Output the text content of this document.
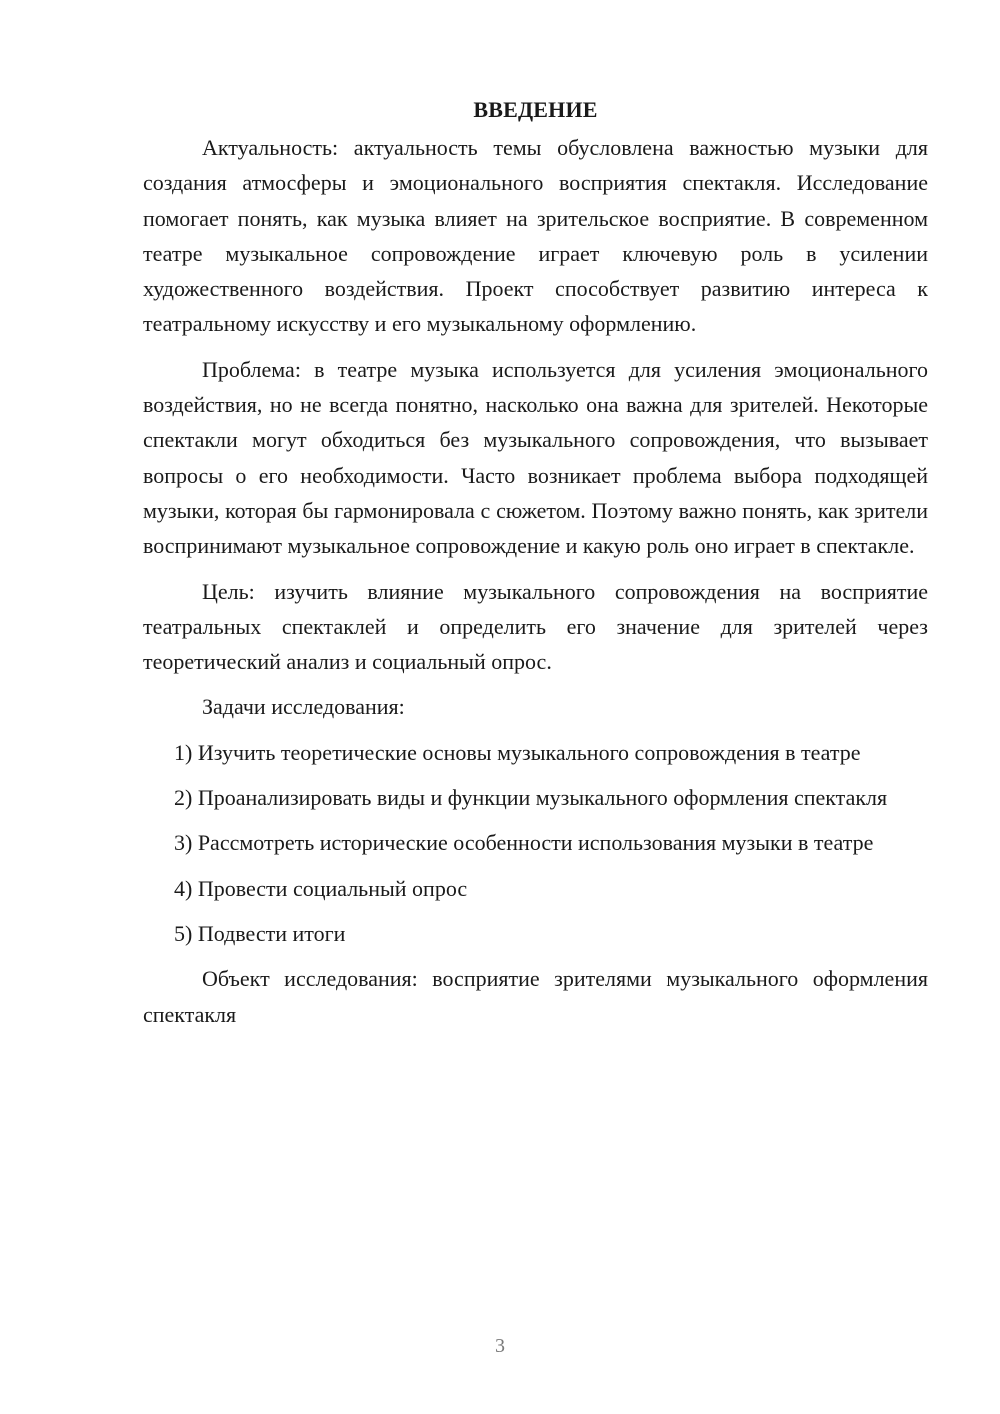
ВВЕДЕНИЕ

Актуальность: актуальность темы обусловлена важностью музыки для создания атмосферы и эмоционального восприятия спектакля. Исследование помогает понять, как музыка влияет на зрительское восприятие. В современном театре музыкальное сопровождение играет ключевую роль в усилении художественного воздействия. Проект способствует развитию интереса к театральному искусству и его музыкальному оформлению.

Проблема: в театре музыка используется для усиления эмоционального воздействия, но не всегда понятно, насколько она важна для зрителей. Некоторые спектакли могут обходиться без музыкального сопровождения, что вызывает вопросы о его необходимости. Часто возникает проблема выбора подходящей музыки, которая бы гармонировала с сюжетом. Поэтому важно понять, как зрители воспринимают музыкальное сопровождение и какую роль оно играет в спектакле.

Цель: изучить влияние музыкального сопровождения на восприятие театральных спектаклей и определить его значение для зрителей через теоретический анализ и социальный опрос.

Задачи исследования:

1) Изучить теоретические основы музыкального сопровождения в театре

2) Проанализировать виды и функции музыкального оформления спектакля

3) Рассмотреть исторические особенности использования музыки в театре

4) Провести социальный опрос

5) Подвести итоги

Объект исследования: восприятие зрителями музыкального оформления спектакля

3
